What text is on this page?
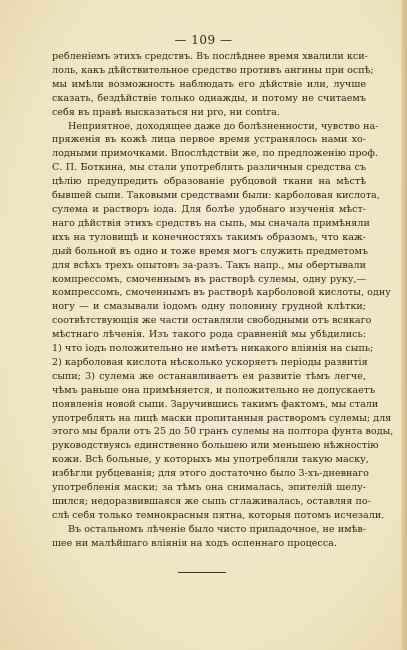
— 109 —

ребленіемъ этихъ средствъ. Въ послѣднее время хвалили кси-
лоль, какъ дѣйствительное средство противъ ангины при оспѣ;
мы имѣли возможность наблюдать его дѣйствіе или, лучше
сказать, бездѣйствіе только однажды, и потому не считаемъ
себя въ правѣ высказаться ни pro, ни contra.

Неприятное, доходящее даже до болѣзненности, чувство на-
пряженія въ кожѣ лица первое время устранялось нами хо-
лодными примочками. Впослѣдствіи же, по предложенію проф.
С. П. Боткина, мы стали употреблять различныя средства съ
цѣлію предупредить образованіе рубцовой ткани на мѣстѣ
бывшей сыпи. Таковыми средствами были: карболовая кислота,
сулема и растворъ іода. Для болѣе удобнаго изученія мѣст-
наго дѣйствія этихъ средствъ на сыпь, мы сначала примѣняли
ихъ на туловищѣ и конечностяхъ такимъ образомъ, что каж-
дый больной въ одно и тоже время могъ служить предметомъ
для всѣхъ трехъ опытовъ за-разъ. Такъ напр., мы обертывали
компрессомъ, смоченнымъ въ растворѣ сулемы, одну руку,—
компрессомъ, смоченнымъ въ растворѣ карболовой кислоты, одну
ногу — и смазывали іодомъ одну половину грудной клѣтки;
соотвѣтствующія же части оставляли свободными отъ всякаго
мѣстнаго лѣченія. Изъ такого рода сравненій мы убѣдились:
1) что іодъ положительно не имѣетъ никакого вліянія на сыпь;
2) карболовая кислота нѣсколько ускоряетъ періоды развитія
сыпи; 3) сулема же останавливаетъ ея развитіе тѣмъ легче,
чѣмъ раньше она примѣняется, и положительно не допускаетъ
появленія новой сыпи. Заручившись такимъ фактомъ, мы стали
употреблять на лицѣ маски пропитанныя растворомъ сулемы; для
этого мы брали отъ 25 до 50 гранъ сулемы на полтора фунта воды,
руководствуясь единственно большею или меньшею нѣжностію
кожи. Всѣ больные, у которыхъ мы употребляли такую маску,
избѣгли рубцеванія; для этого достаточно было 3-хъ-дневнаго
употребленія маски; за тѣмъ она снималась, эпителій шелу-
шился; недоразвившаяся же сыпь сглаживалась, оставляя по-
слѣ себя только темнокрасныя пятна, которыя потомъ исчезали.

Въ остальномъ лѣченіе было чисто припадочное, не имѣв-
шее ни малѣйшаго вліянія на ходъ оспеннаго процесса.
